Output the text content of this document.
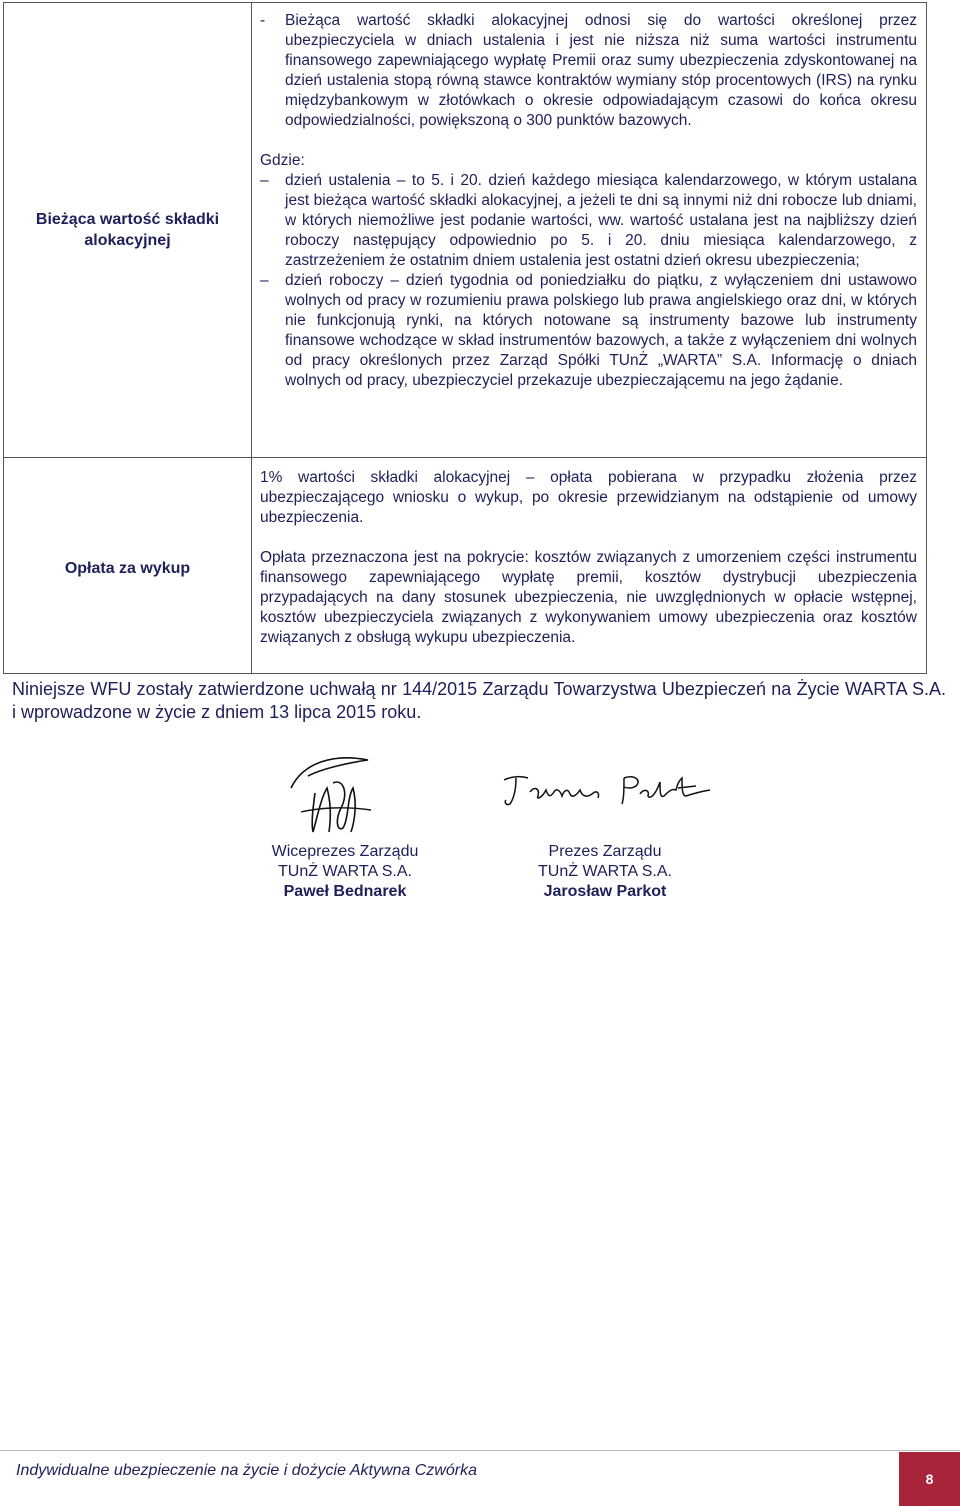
Bieżąca wartość składki alokacyjnej
- Bieżąca wartość składki alokacyjnej odnosi się do wartości określonej przez ubezpieczyciela w dniach ustalenia i jest nie niższa niż suma wartości instrumentu finansowego zapewniającego wypłatę Premii oraz sumy ubezpieczenia zdyskontowanej na dzień ustalenia stopą równą stawce kontraktów wymiany stóp procentowych (IRS) na rynku międzybankowym w złotówkach o okresie odpowiadającym czasowi do końca okresu odpowiedzialności, powiększoną o 300 punktów bazowych.

Gdzie:

– dzień ustalenia – to 5. i 20. dzień każdego miesiąca kalendarzowego, w którym ustalana jest bieżąca wartość składki alokacyjnej, a jeżeli te dni są innymi niż dni robocze lub dniami, w których niemożliwe jest podanie wartości, ww. wartość ustalana jest na najbliższy dzień roboczy następujący odpowiednio po 5. i 20. dniu miesiąca kalendarzowego, z zastrzeżeniem że ostatnim dniem ustalenia jest ostatni dzień okresu ubezpieczenia;

– dzień roboczy – dzień tygodnia od poniedziałku do piątku, z wyłączeniem dni ustawowo wolnych od pracy w rozumieniu prawa polskiego lub prawa angielskiego oraz dni, w których nie funkcjonują rynki, na których notowane są instrumenty bazowe lub instrumenty finansowe wchodzące w skład instrumentów bazowych, a także z wyłączeniem dni wolnych od pracy określonych przez Zarząd Spółki TUnŻ „WARTA” S.A. Informację o dniach wolnych od pracy, ubezpieczyciel przekazuje ubezpieczającemu na jego żądanie.

Opłata za wykup

1% wartości składki alokacyjnej – opłata pobierana w przypadku złożenia przez ubezpieczającego wniosku o wykup, po okresie przewidzianym na odstąpienie od umowy ubezpieczenia.

Opłata przeznaczona jest na pokrycie: kosztów związanych z umorzeniem części instrumentu finansowego zapewniającego wypłatę premii, kosztów dystrybucji ubezpieczenia przypadających na dany stosunek ubezpieczenia, nie uwzględnionych w opłacie wstępnej, kosztów ubezpieczyciela związanych z wykonywaniem umowy ubezpieczenia oraz kosztów związanych z obsługą wykupu ubezpieczenia.

Niniejsze WFU zostały zatwierdzone uchwałą nr 144/2015 Zarządu Towarzystwa Ubezpieczeń na Życie WARTA S.A. i wprowadzone w życie z dniem 13 lipca 2015 roku.

Wiceprezes Zarządu
TUnŻ WARTA S.A.
Paweł Bednarek
Prezes Zarządu
TUnŻ WARTA S.A.
Jarosław Parkot
Indywidualne ubezpieczenie na życie i dożycie Aktywna Czwórka	8
